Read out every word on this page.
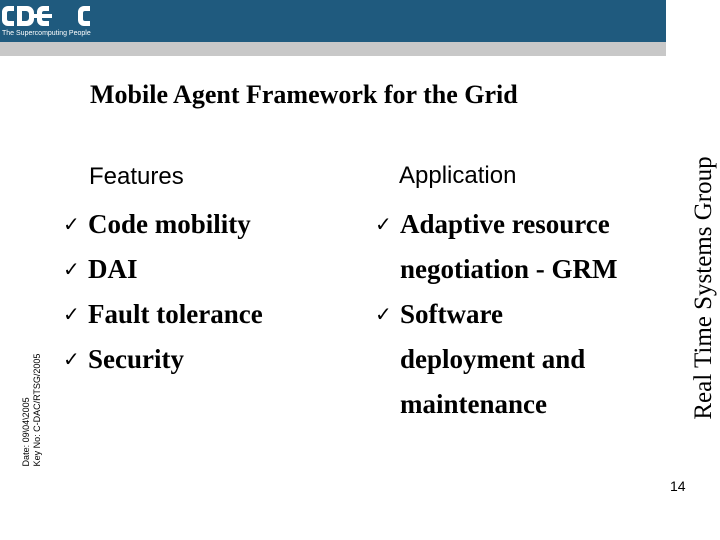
The Supercomputing People
Mobile Agent Framework for the Grid
Features
✓ Code mobility
✓ DAI
✓ Fault tolerance
✓ Security
Application
✓ Adaptive resource
negotiation - GRM
✓ Software
deployment and
maintenance	Real Time Systems Group
Date: 09\04\2005 Key No: C-DAC/RTSG/2005
14
